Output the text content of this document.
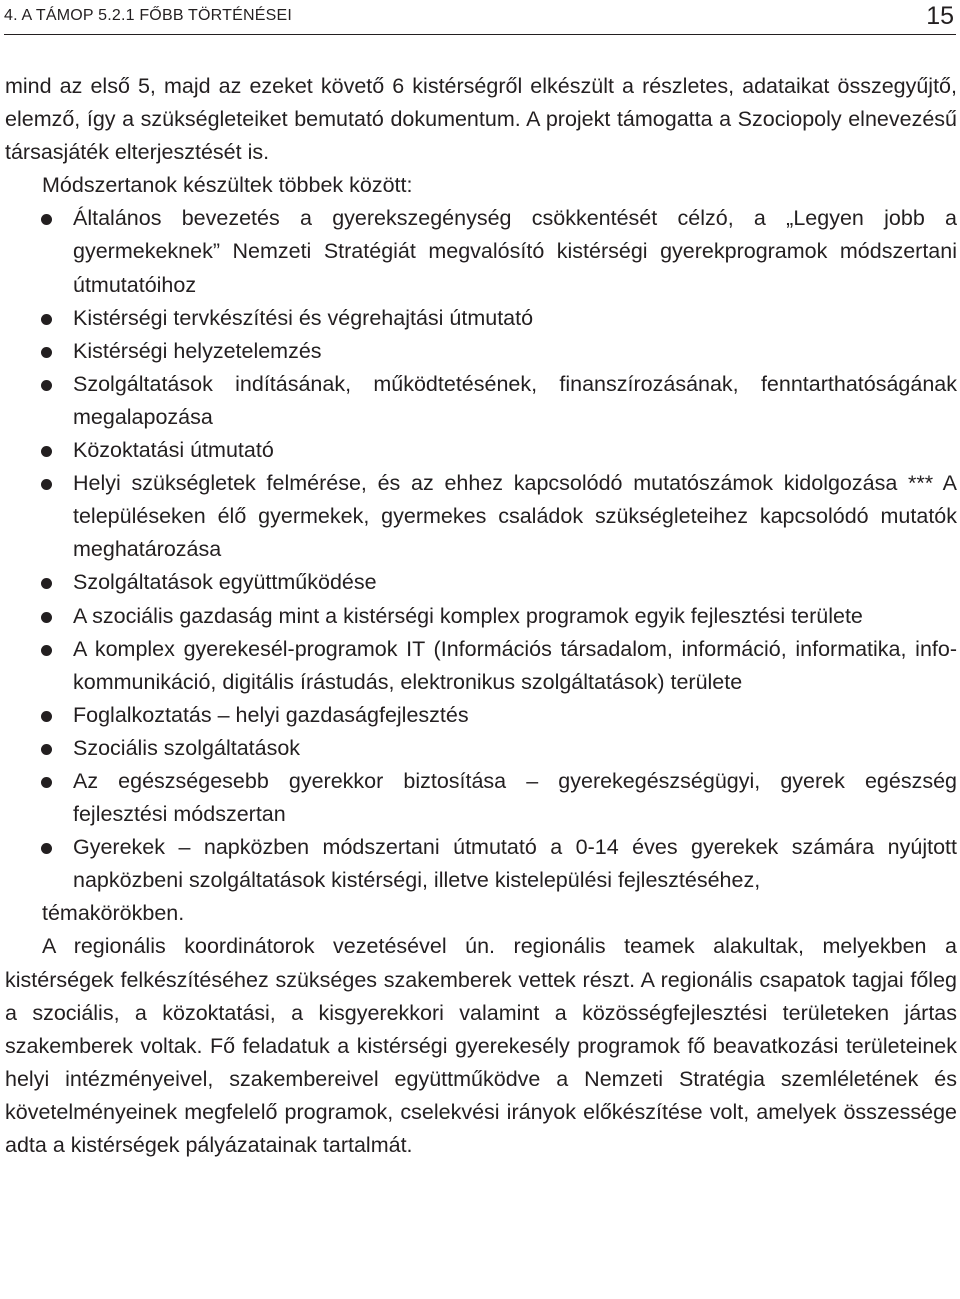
4. A TÁMOP 5.2.1 FŐBB TÖRTÉNÉSEI	15

mind az első 5, majd az ezeket követő 6 kistérségről elkészült a részletes, adataikat összegyűjtő, elemző, így a szükségleteiket bemutató dokumentum. A projekt támogatta a Szociopoly elnevezésű társasjáték elterjesztését is.

Módszertanok készültek többek között:

Általános bevezetés a gyerekszegénység csökkentését célzó, a „Legyen jobb a gyermekeknek” Nemzeti Stratégiát megvalósító kistérségi gyerekprogramok módszertani útmutatóihoz
Kistérségi tervkészítési és végrehajtási útmutató
Kistérségi helyzetelemzés
Szolgáltatások indításának, működtetésének, finanszírozásának, fenntarthatóságának megalapozása
Közoktatási útmutató
Helyi szükségletek felmérése, és az ehhez kapcsolódó mutatószámok kidolgozása *** A településeken élő gyermekek, gyermekes családok szükségleteihez kapcsolódó mutatók meghatározása
Szolgáltatások együttműködése
A szociális gazdaság mint a kistérségi komplex programok egyik fejlesztési területe
A komplex gyerekesél-programok IT (Információs társadalom, információ, informatika, info-kommunikáció, digitális írástudás, elektronikus szolgáltatások) területe
Foglalkoztatás – helyi gazdaságfejlesztés
Szociális szolgáltatások
Az egészségesebb gyerekkor biztosítása – gyerekegészségügyi, gyerek egészség fejlesztési módszertan
Gyerekek – napközben módszertani útmutató a 0-14 éves gyerekek számára nyújtott napközbeni szolgáltatások kistérségi, illetve kistelepülési fejlesztéséhez,

témakörökben.

A regionális koordinátorok vezetésével ún. regionális teamek alakultak, melyekben a kistérségek felkészítéséhez szükséges szakemberek vettek részt. A regionális csapatok tagjai főleg a szociális, a közoktatási, a kisgyerekkori valamint a közösségfejlesztési területeken jártas szakemberek voltak. Fő feladatuk a kistérségi gyerekesély programok fő beavatkozási területeinek helyi intézményeivel, szakembereivel együttműködve a Nemzeti Stratégia szemléletének és követelményeinek megfelelő programok, cselekvési irányok előkészítése volt, amelyek összessége adta a kistérségek pályázatainak tartalmát.
